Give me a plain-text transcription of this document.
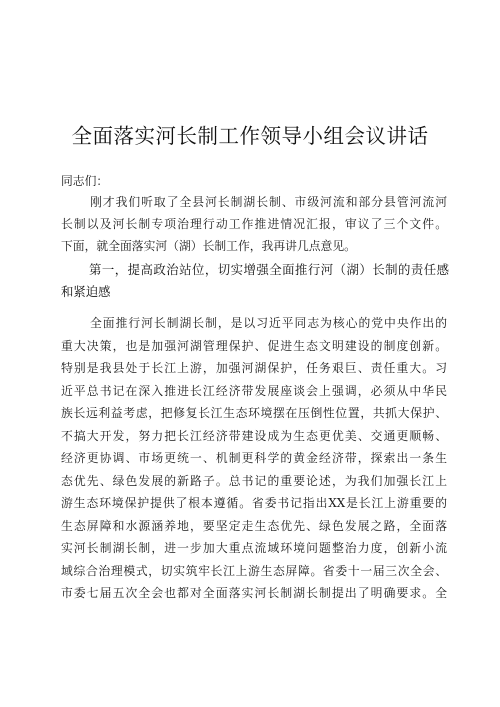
全面落实河长制工作领导小组会议讲话
同志们：
刚才我们听取了全县河长制湖长制、市级河流和部分县管河流河
长制以及河长制专项治理行动工作推进情况汇报，审议了三个文件。
下面，就全面落实河（湖）长制工作，我再讲几点意见。
第一，提高政治站位，切实增强全面推行河（湖）长制的责任感
和紧迫感
全面推行河长制湖长制，是以习近平同志为核心的党中央作出的
重大决策，也是加强河湖管理保护、促进生态文明建设的制度创新。
特别是我县处于长江上游，加强河湖保护，任务艰巨、责任重大。习
近平总书记在深入推进长江经济带发展座谈会上强调，必须从中华民
族长远利益考虑，把修复长江生态环境摆在压倒性位置，共抓大保护、
不搞大开发，努力把长江经济带建设成为生态更优美、交通更顺畅、
经济更协调、市场更统一、机制更科学的黄金经济带，探索出一条生
态优先、绿色发展的新路子。总书记的重要论述，为我们加强长江上
游生态环境保护提供了根本遵循。省委书记指出XX是长江上游重要的
生态屏障和水源涵养地，要坚定走生态优先、绿色发展之路，全面落
实河长制湖长制，进一步加大重点流域环境问题整治力度，创新小流
域综合治理模式，切实筑牢长江上游生态屏障。省委十一届三次全会、
市委七届五次全会也都对全面落实河长制湖长制提出了明确要求。全
